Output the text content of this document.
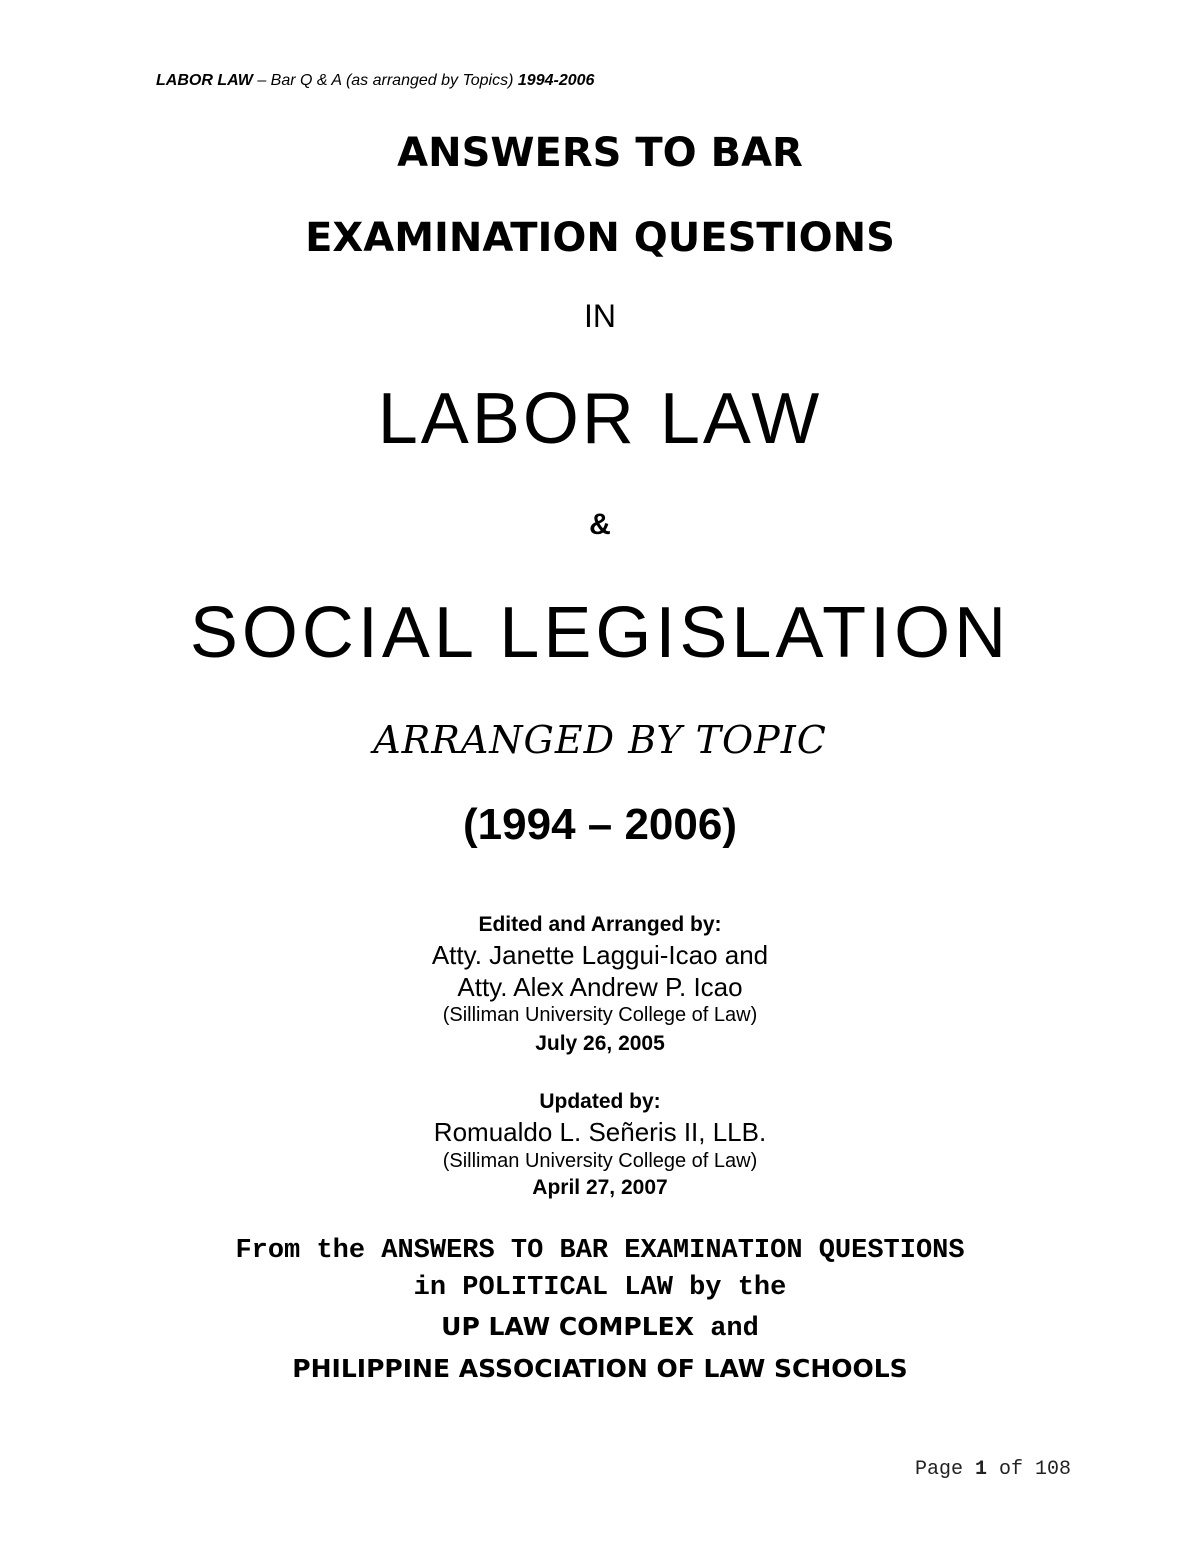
LABOR LAW – Bar Q & A (as arranged by Topics) 1994-2006
ANSWERS TO BAR
EXAMINATION QUESTIONS
IN
LABOR LAW
&
SOCIAL LEGISLATION
ARRANGED BY TOPIC
(1994 – 2006)
Edited and Arranged by:
Atty. Janette Laggui-Icao and
Atty. Alex Andrew P. Icao
(Silliman University College of Law)
July 26, 2005
Updated by:
Romualdo L. Señeris II, LLB.
(Silliman University College of Law)
April 27, 2007
From the ANSWERS TO BAR EXAMINATION QUESTIONS
in POLITICAL LAW by the
UP LAW COMPLEX and
PHILIPPINE ASSOCIATION OF LAW SCHOOLS
Page 1 of 108
